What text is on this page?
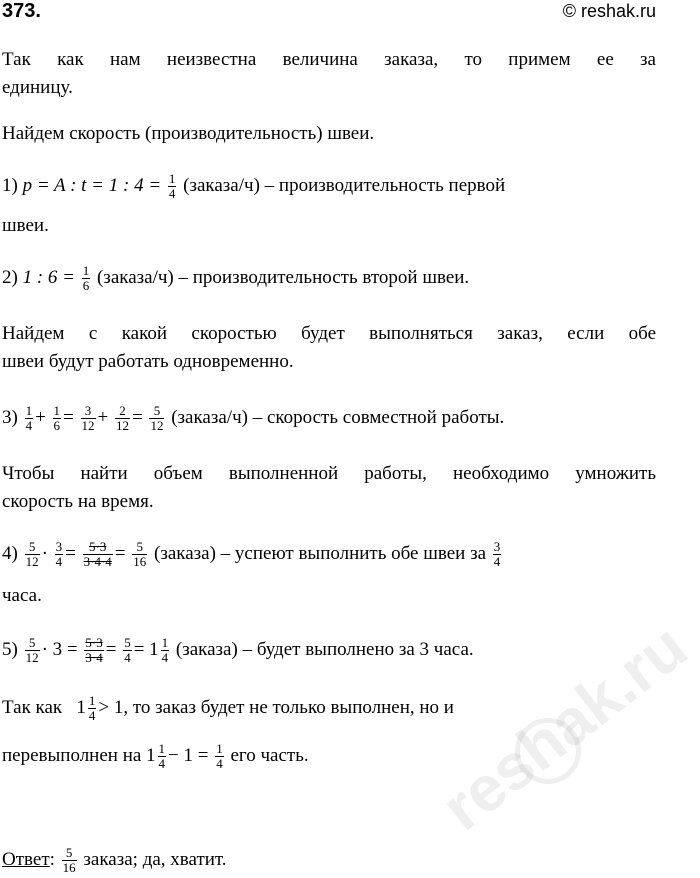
373.	© reshak.ru
Так как нам неизвестна величина заказа, то примем ее за
единицу.
Найдем скорость (производительность) швеи.
1) p = A : t = 1 : $4 = \frac{1}{4}$ (заказа/ч) – производительность первой
швеи.
2) 1 : $6 = \frac{1}{6}$ (заказа/ч) – производительность второй швеи.
Найдем с какой скоростью будет выполняться заказ, если обе
швеи будут работать одновременно.
$3) \frac{1}{4} + \frac{1}{6} = \frac{3}{12} + \frac{2}{12} = \frac{5}{12}$ (заказа/ч) – скорость совместной работы.
Чтобы найти объем выполненной работы, необходимо умножить
скорость на время.
$4) \frac{5}{12} \cdot \frac{3}{4} = \frac{5\cdot 3}{3\cdot 4\cdot 4} = \frac{5}{16}$ (заказа) – успеют выполнить обе швеи за $\frac{3}{4}$
часа.
$5) \frac{5}{12} \cdot 3 = \frac{5\cdot 3}{3\cdot 4} = \frac{5}{4} = 1 \frac{1}{4}$ (заказа) – будет выполнено за 3 часа.
Так как $1 \frac{1}{4} > 1$, то заказ будет не только выполнен, но и
перевыполнен на $1 \frac{1}{4} - 1 = \frac{1}{4}$ его часть.
Ответ: $\frac{5}{16}$ заказа; да, хватит.
reshak.ru
